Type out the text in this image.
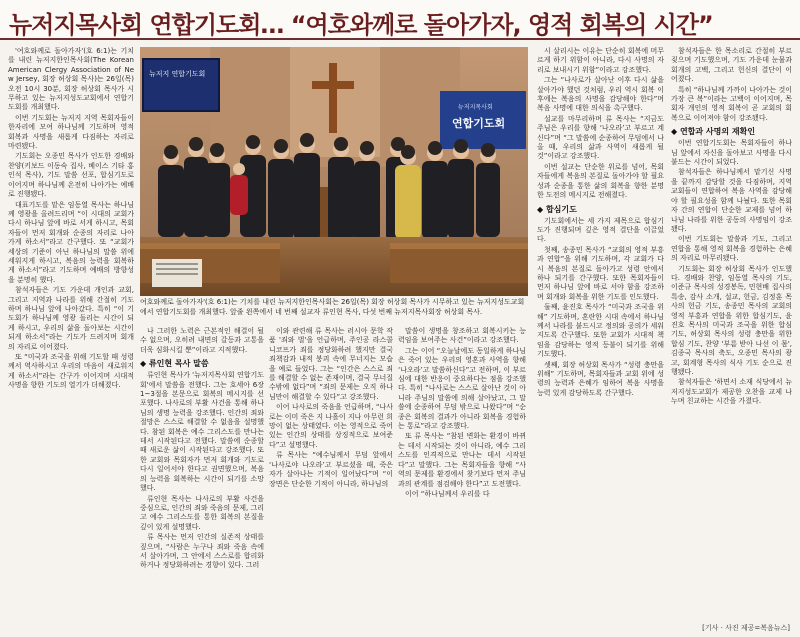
뉴저지목사회 연합기도회… “여호와께로 돌아가자, 영적 회복의 시간”

'여호와께로 돌아가자'(호 6:1)는 기치를 내린 뉴저지한인목사회(The Korean American Clergy Association of New Jersey, 회장 허상회 목사)는 26일(목) 오전 10시 30분, 회장 허상회 목사가 시무하고 있는 뉴저지성도교회에서 연합기도회를 개최했다.

이번 기도회는 뉴저지 지역 목회자들이 한자리에 모여 하나님께 기도하며 영적 회복과 사명을 새롭게 다짐하는 자리로 마련됐다.

기도회는 오종민 목사가 인도한 경배와찬양(키보드 이동숙 집사, 베이스 기타 홍인석 목사), 기도 말씀 선포, 합심기도로 이어지며 하나님께 온전히 나아가는 예배로 진행됐다.

대표기도를 맡은 임동열 목사는 하나님께 영광을 올려드리며 “이 시대의 교회가 다시 하나님 앞에 바로 서게 하시고, 목회자들이 먼저 회개와 순종의 자리로 나아가게 하소서”라고 간구했다. 또 “교회가 세상의 기준이 아닌 하나님의 말씀 위에 세워지게 하시고, 복음의 능력을 회복하게 하소서”라고 기도하며 예배의 방향성을 분명히 했다.

참석자들은 기도 가운데 개인과 교회, 그리고 지역과 나라를 위해 간절히 기도하며 하나님 앞에 나아갔다. 특히 “이 기도회가 하나님께 영광 돌리는 시간이 되게 하시고, 우리의 삶을 돌아보는 시간이 되게 하소서”라는 기도가 드려지며 회개의 자리로 이어졌다.

또 “미국과 조국을 위해 기도할 때 성령께서 역사하시고 우리의 마음이 새로워지게 하소서”라는 간구가 이어지며 시대적 사명을 향한 기도의 열기가 더해졌다.

뉴저지 연합기도회
뉴저지목사회
연합기도회
여호와께로 돌아가자'(호 6:1)는 기치를 내린 뉴저지한인목사회는 26일(목) 회장 허상회 목사가 시무하고 있는 뉴저지성도교회에서 연합기도회를 개최했다. 앞줄 왼쪽에서 네 번째 설교자 류인현 목사, 다섯 번째 뉴저지목사회장 허상회 목사.

나 그러한 노력은 근본적인 해결이 될 수 없으며, 오히려 내면의 갈등과 고통을 더욱 심화시킬 뿐”이라고 지적했다.

◆ 류인현 목사 말씀

류인현 목사가 '뉴저지목사회 연합기도회'에서 말씀을 전했다. 그는 호세아 6장 1~3절을 본문으로 회복의 메시지를 선포했다. 나사로의 부활 사건을 통해 하나님의 생명 능력을 강조했다. 인간의 죄와 절망은 스스로 해결할 수 없음을 설명했다. 참된 회복은 예수 그리스도를 만나는 데서 시작된다고 전했다. 말씀에 순종할 때 새로운 삶이 시작된다고 강조했다. 또한 교회와 목회자가 먼저 회개와 기도로 다시 일어서야 한다고 권면했으며, 복음의 능력을 회복하는 시간이 되기를 소망했다.

류인현 목사는 나사로의 부활 사건을 중심으로, 인간의 죄와 죽음의 문제, 그리고 예수 그리스도를 통한 회복의 본질을 깊이 있게 설명했다.

류 목사는 먼저 인간의 실존적 상태를 짚으며, “사람은 누구나 죄와 죽음 속에서 살아가며, 그 안에서 스스로를 합리화하거나 정당화하려는 경향이 있다. 그러

이와 관련해 류 목사는 러시아 문학 작품 '죄와 벌'을 언급하며, 주인공 라스콜니코프가 죄를 정당화하려 했지만 결국 죄책감과 내적 붕괴 속에 무너지는 모습을 예로 들었다. 그는 “인간은 스스로 죄를 해결할 수 없는 존재이며, 결국 무너질 수밖에 없다”며 “죄의 문제는 오직 하나님만이 해결할 수 있다”고 강조했다.

이어 나사로의 죽음을 언급하며, “나사로는 이미 죽은 지 나흘이 지나 아무런 희망이 없는 상태였다. 이는 영적으로 죽어 있는 인간의 상태를 상징적으로 보여준다”고 설명했다.

류 목사는 “예수님께서 무덤 앞에서 ‘나사로야 나오라’고 부르셨을 때, 죽은 자가 살아나는 기적이 일어났다”며 “이 장면은 단순한 기적이 아니라, 하나님의

말씀이 생명을 창조하고 회복시키는 능력임을 보여주는 사건”이라고 강조했다.

그는 이어 “오늘날에도 동일하게 하나님은 죽어 있는 우리의 영혼과 사역을 향해 ‘나오라’고 말씀하신다”고 전하며, 이 부르심에 대한 반응이 중요하다는 점을 강조했다. 특히 “나사로는 스스로 살아난 것이 아니라 주님의 말씀에 의해 살아났고, 그 말씀에 순종하여 무덤 밖으로 나왔다”며 “순종은 회복의 결과가 아니라 회복을 경험하는 통로”라고 강조했다.

또 류 목사는 “참된 변화는 환경이 바뀌는 데서 시작되는 것이 아니라, 예수 그리스도를 인격적으로 만나는 데서 시작된다”고 말했다. 그는 목회자들을 향해 “사역의 문제를 환경에서 찾기보다 먼저 주님과의 관계를 점검해야 한다”고 도전했다.

이어 “하나님께서 우리를 다

시 살리시는 이유는 단순히 회복에 머무르게 하기 위함이 아니라, 다시 사명의 자리로 보내시기 위함”이라고 강조했다.

그는 “나사로가 살아난 이후 다시 삶을 살아가야 했던 것처럼, 우리 역시 회복 이후에는 복음의 사명을 감당해야 한다”며 복음 사명에 대한 의식을 촉구했다.

설교를 마무리하며 류 목사는 “지금도 주님은 우리를 향해 ‘나오라’고 부르고 계신다”며 “그 말씀에 순종하여 무덤에서 나올 때, 우리의 삶과 사역이 새롭게 될 것”이라고 강조했다.

이번 설교는 단순한 위로를 넘어, 목회자들에게 복음의 본질로 돌아가야 할 필요성과 순종을 통한 삶의 회복을 향한 분명한 도전의 메시지로 전해졌다.

◆ 합심기도

기도회에서는 세 가지 제목으로 합심기도가 진행되며 깊은 영적 결단을 이끌었다.

첫째, 송종민 목사가 “교회의 영적 부흥과 연합”을 위해 기도하며, 각 교회가 다시 복음의 본질로 돌아가고 성령 안에서 하나 되기를 간구했다. 또한 목회자들이 먼저 하나님 앞에 바로 서야 함을 강조하며 회개와 회복을 위한 기도를 인도했다.

둘째, 윤진호 목사가 “미국과 조국을 위해” 기도하며, 혼란한 시대 속에서 하나님께서 나라를 붙드시고 정의와 공의가 세워지도록 간구했다. 또한 교회가 시대적 책임을 감당하는 영적 등불이 되기를 위해 기도했다.

셋째, 회장 허상회 목사가 “성령 충만을 위해” 기도하며, 목회자들과 교회 위에 성령의 능력과 은혜가 임하여 복음 사명을 능력 있게 감당하도록 간구했다.

참석자들은 한 목소리로 간절히 부르짖으며 기도했으며, 기도 가운데 눈물과 회개의 고백, 그리고 헌신의 결단이 이어졌다.

특히 “하나님께 가까이 나아가는 것이 가장 큰 복”이라는 고백이 이어지며, 목회자 개인의 영적 회복이 곧 교회의 회복으로 이어져야 함이 강조됐다.

◆ 연합과 사명의 재확인

이번 연합기도회는 목회자들이 하나님 앞에서 자신을 돌아보고 사명을 다시 붙드는 시간이 되었다.

참석자들은 하나님께서 맡기신 사명을 끝까지 감당할 것을 다짐하며, 지역 교회들이 연합하여 복음 사역을 감당해야 할 필요성을 함께 나눴다. 또한 목회자 간의 연합이 단순한 교제를 넘어 하나님 나라를 위한 공동의 사명임이 강조됐다.

이번 기도회는 말씀과 기도, 그리고 연합을 통해 영적 회복을 경험하는 은혜의 자리로 마무리됐다.

기도회는 회장 허상회 목사가 인도했다. 경배와 찬양, 임동열 목사의 기도, 이준규 목사의 성경봉독, 민현배 집사의 특송, 감사 소개, 설교, 헌금, 김정훈 목사의 헌금 기도, 송종민 목사의 교회의 영적 부흥과 연합을 위한 합심기도, 윤진호 목사의 미국과 조국을 위한 합심 기도, 허상회 목사의 성령 충만을 위한 합심 기도, 찬양 '부름 받아 나선 이 몸', 김종국 목사의 축도, 오종민 목사의 광고, 회계형 목사의 식사 기도 순으로 진행됐다.

참석자들은 '하면서 소재 식당에서 뉴저지성도교회가 제공한 오찬을 교제 나누며 친교하는 시간을 가졌다.

[기사 · 사진 제공=복음뉴스]
